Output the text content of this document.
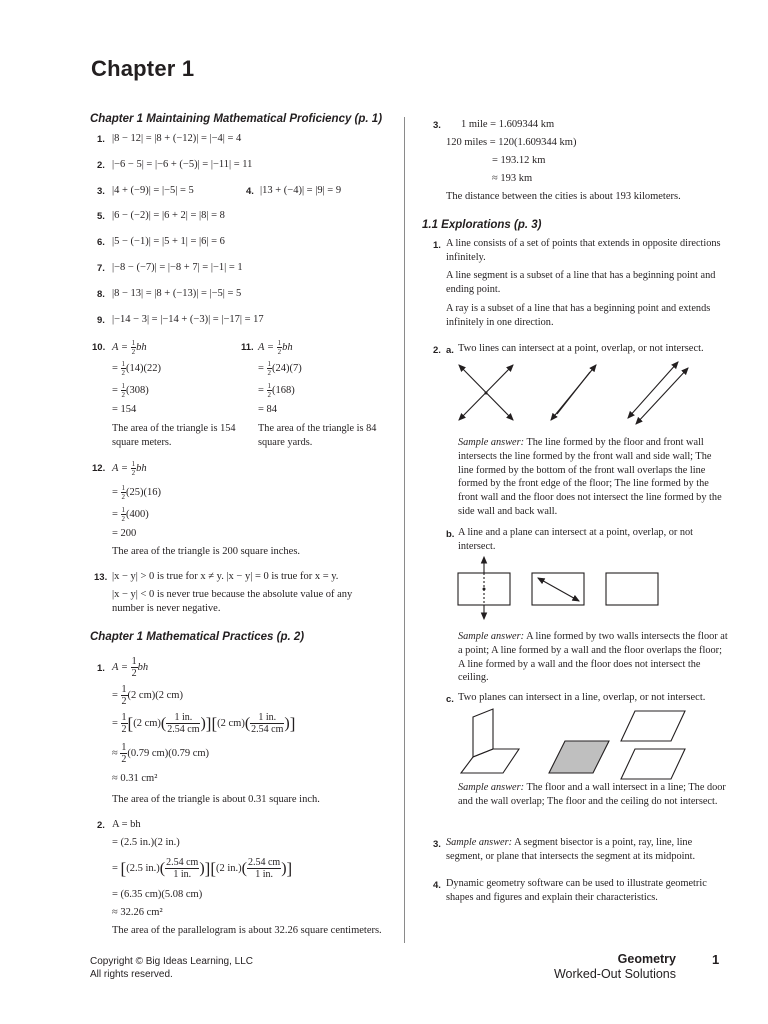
Chapter 1
Chapter 1 Maintaining Mathematical Proficiency (p. 1)
1. |8 − 12| = |8 + (−12)| = |−4| = 4
2. |−6 − 5| = |−6 + (−5)| = |−11| = 11
3. |4 + (−9)| = |−5| = 5	4. |13 + (−4)| = |9| = 9
5. |6 − (−2)| = |6 + 2| = |8| = 8
6. |5 − (−1)| = |5 + 1| = |6| = 6
7. |−8 − (−7)| = |−8 + 7| = |−1| = 1
8. |8 − 13| = |8 + (−13)| = |−5| = 5
9. |−14 − 3| = |−14 + (−3)| = |−17| = 17
10. $A = \frac{1}{2}$ bh
= $\frac{1}{2} (14)(22)$
= $\frac{1}{2} (308)$
= 154
The area of the triangle is 154 square meters.
11. $A = \frac{1}{2}$ bh
= $\frac{1}{2} (24)(7)$
= $\frac{1}{2} (168)$
= 84
The area of the triangle is 84 square yards.
12. $A = \frac{1}{2}$ bh
= $\frac{1}{2} (25)(16)$
= $\frac{1}{2} (400)$
= 200
The area of the triangle is 200 square inches.
13. |x − y| > 0 is true for x ≠ y. |x − y| = 0 is true for x = y.
|x − y| < 0 is never true because the absolute value of any
number is never negative.
Chapter 1 Mathematical Practices (p. 2)
1. $A = \frac{1}{2}$ bh
= $\frac{1}{2} (2$ cm)(2 cm)
= $\frac{1}{2} [(2$ $cm)( \frac{1 in.}{2.54 cm} )][(2$ $cm)( \frac{1 in.}{2.54 cm}$ )]
≈ $\frac{1}{2} (0.79$ cm)(0.79 cm)
≈ 0.31 cm²
The area of the triangle is about 0.31 square inch.
2. A = bh
= (2.5 in.)(2 in.)
= [(2.5 $in.)( \frac{2.54 cm}{1 in.} )][(2$ $in.)( \frac{2.54 cm}{1 in.}$ )]
= (6.35 cm)(5.08 cm)
≈ 32.26 cm²
The area of the parallelogram is about 32.26 square centimeters.
3. 1 mile = 1.609344 km
120 miles = 120(1.609344 km)
= 193.12 km
≈ 193 km
The distance between the cities is about 193 kilometers.
1.1 Explorations (p. 3)
1. A line consists of a set of points that extends in opposite directions infinitely.
A line segment is a subset of a line that has a beginning point and ending point.
A ray is a subset of a line that has a beginning point and extends infinitely in one direction.
2. a. Two lines can intersect at a point, overlap, or not intersect.
Sample answer: The line formed by the floor and front wall intersects the line formed by the front wall and side wall; The line formed by the bottom of the front wall overlaps the line formed by the front edge of the floor; The line formed by the front wall and the floor does not intersect the line formed by the side wall and back wall.
b. A line and a plane can intersect at a point, overlap, or not intersect.
Sample answer: A line formed by two walls intersects the floor at a point; A line formed by a wall and the floor overlaps the floor; A line formed by a wall and the floor does not intersect the ceiling.
c. Two planes can intersect in a line, overlap, or not intersect.
Sample answer: The floor and a wall intersect in a line; The door and the wall overlap; The floor and the ceiling do not intersect.
3. Sample answer: A segment bisector is a point, ray, line, line segment, or plane that intersects the segment at its midpoint.
4. Dynamic geometry software can be used to illustrate geometric shapes and figures and explain their characteristics.
Copyright © Big Ideas Learning, LLC
All rights reserved.
Geometry
Worked-Out Solutions
1
